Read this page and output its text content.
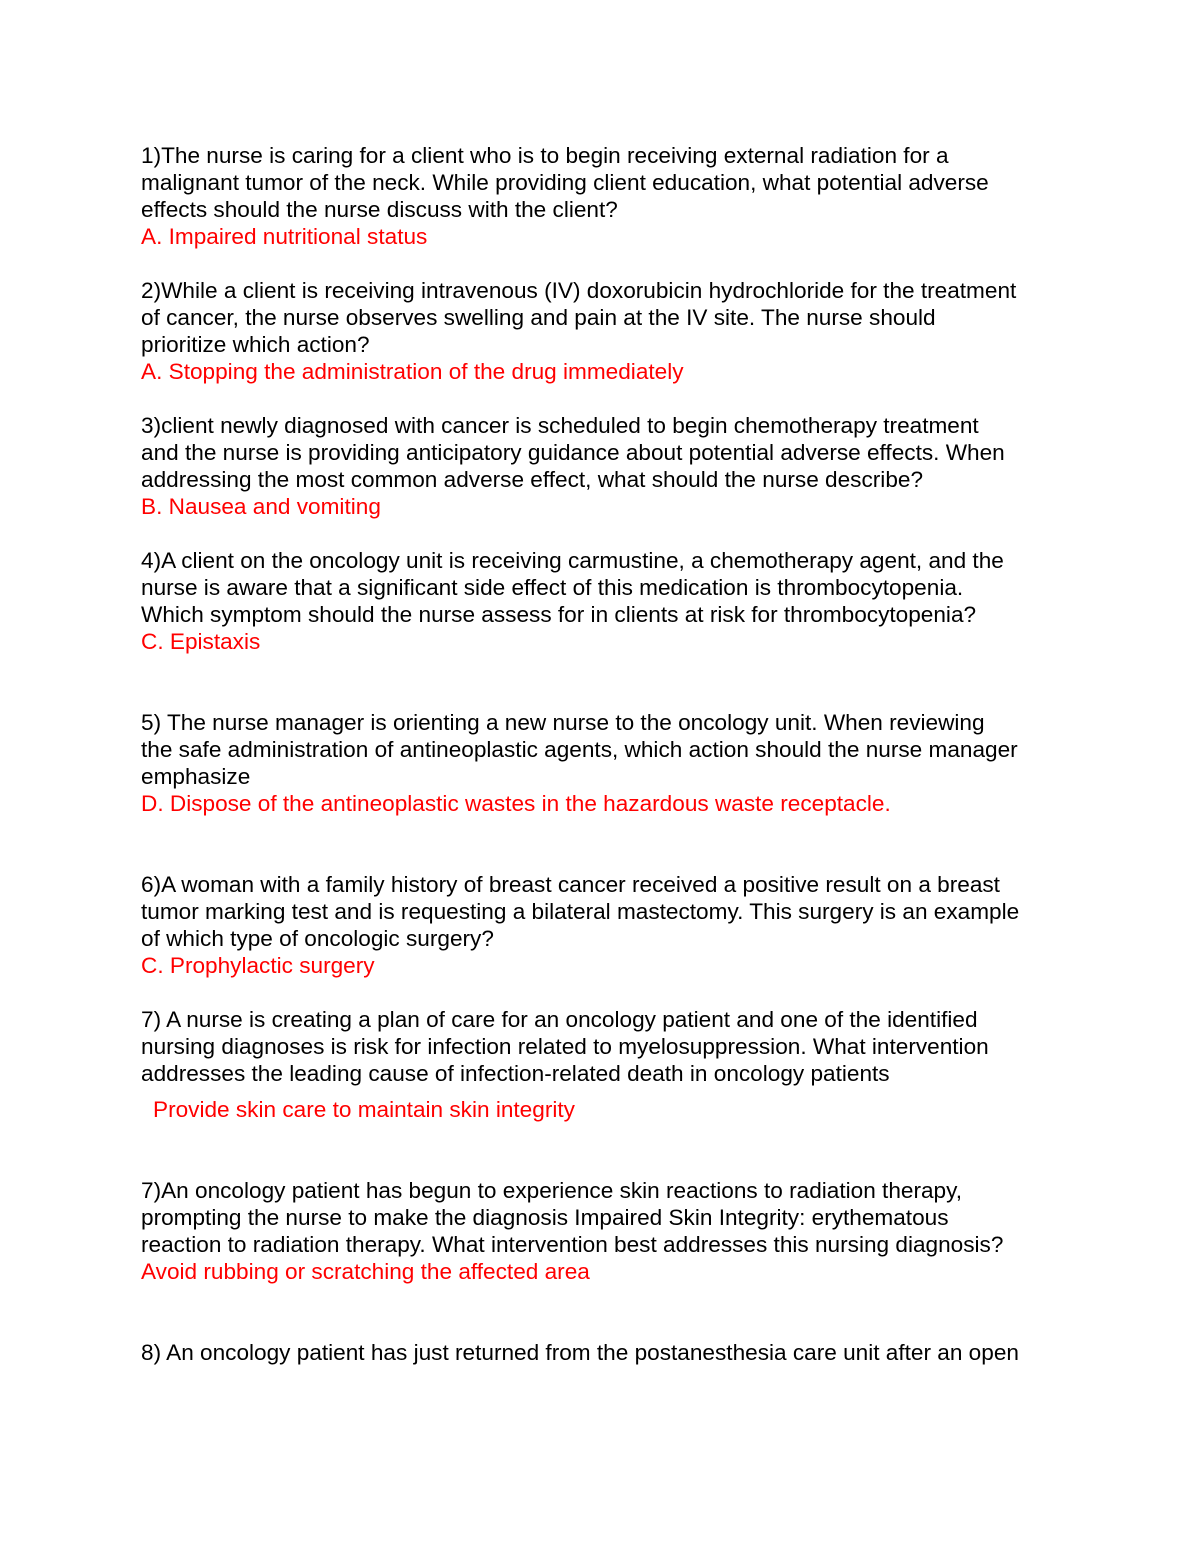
1)The nurse is caring for a client who is to begin receiving external radiation for a
malignant tumor of the neck. While providing client education, what potential adverse
effects should the nurse discuss with the client?

A. Impaired nutritional status

2)While a client is receiving intravenous (IV) doxorubicin hydrochloride for the treatment
of cancer, the nurse observes swelling and pain at the IV site. The nurse should
prioritize which action?

A. Stopping the administration of the drug immediately

3)client newly diagnosed with cancer is scheduled to begin chemotherapy treatment
and the nurse is providing anticipatory guidance about potential adverse effects. When
addressing the most common adverse effect, what should the nurse describe?

B. Nausea and vomiting

4)A client on the oncology unit is receiving carmustine, a chemotherapy agent, and the
nurse is aware that a significant side effect of this medication is thrombocytopenia.
Which symptom should the nurse assess for in clients at risk for thrombocytopenia?

C. Epistaxis

5) The nurse manager is orienting a new nurse to the oncology unit. When reviewing
the safe administration of antineoplastic agents, which action should the nurse manager
emphasize

D. Dispose of the antineoplastic wastes in the hazardous waste receptacle.

6)A woman with a family history of breast cancer received a positive result on a breast
tumor marking test and is requesting a bilateral mastectomy. This surgery is an example
of which type of oncologic surgery?

C. Prophylactic surgery

7) A nurse is creating a plan of care for an oncology patient and one of the identified
nursing diagnoses is risk for infection related to myelosuppression. What intervention
addresses the leading cause of infection-related death in oncology patients

Provide skin care to maintain skin integrity

7)An oncology patient has begun to experience skin reactions to radiation therapy,
prompting the nurse to make the diagnosis Impaired Skin Integrity: erythematous
reaction to radiation therapy. What intervention best addresses this nursing diagnosis?

Avoid rubbing or scratching the affected area

8) An oncology patient has just returned from the postanesthesia care unit after an open
